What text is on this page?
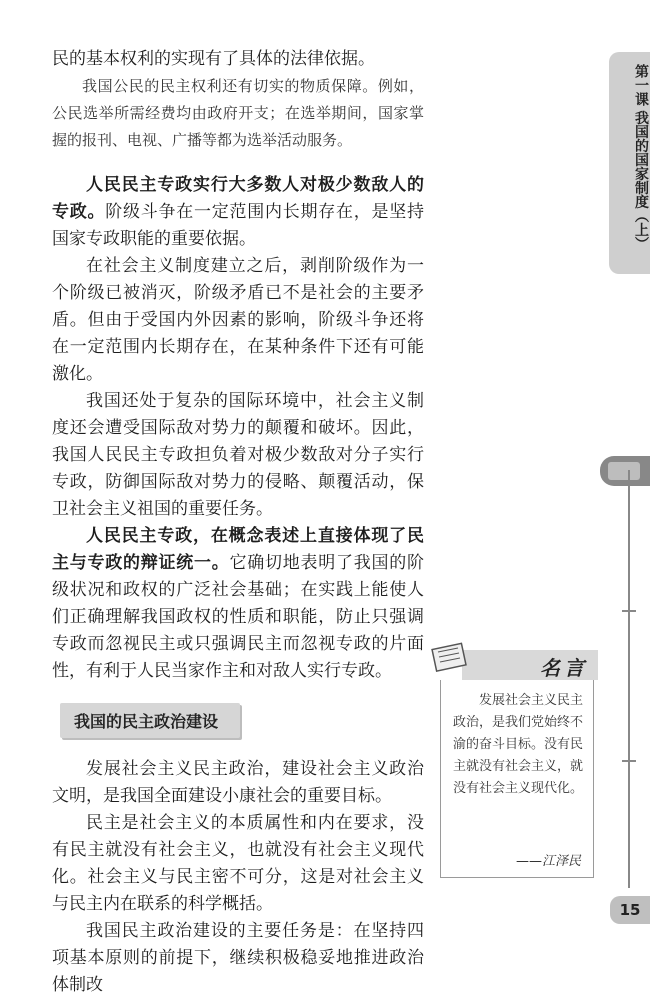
第一课 我国的国家制度（上）

民的基本权利的实现有了具体的法律依据。

我国公民的民主权利还有切实的物质保障。例如，公民选举所需经费均由政府开支；在选举期间，国家掌握的报刊、电视、广播等都为选举活动服务。

人民民主专政实行大多数人对极少数敌人的专政。阶级斗争在一定范围内长期存在，是坚持国家专政职能的重要依据。

在社会主义制度建立之后，剥削阶级作为一个阶级已被消灭，阶级矛盾已不是社会的主要矛盾。但由于受国内外因素的影响，阶级斗争还将在一定范围内长期存在，在某种条件下还有可能激化。

我国还处于复杂的国际环境中，社会主义制度还会遭受国际敌对势力的颠覆和破坏。因此，我国人民民主专政担负着对极少数敌对分子实行专政，防御国际敌对势力的侵略、颠覆活动，保卫社会主义祖国的重要任务。

人民民主专政，在概念表述上直接体现了民主与专政的辩证统一。它确切地表明了我国的阶级状况和政权的广泛社会基础；在实践上能使人们正确理解我国政权的性质和职能，防止只强调专政而忽视民主或只强调民主而忽视专政的片面性，有利于人民当家作主和对敌人实行专政。

我国的民主政治建设

发展社会主义民主政治，建设社会主义政治文明，是我国全面建设小康社会的重要目标。

民主是社会主义的本质属性和内在要求，没有民主就没有社会主义，也就没有社会主义现代化。社会主义与民主密不可分，这是对社会主义与民主内在联系的科学概括。

我国民主政治建设的主要任务是：在坚持四项基本原则的前提下，继续积极稳妥地推进政治体制改

名言
发展社会主义民主政治，是我们党始终不渝的奋斗目标。没有民主就没有社会主义，就没有社会主义现代化。
——江泽民
15
